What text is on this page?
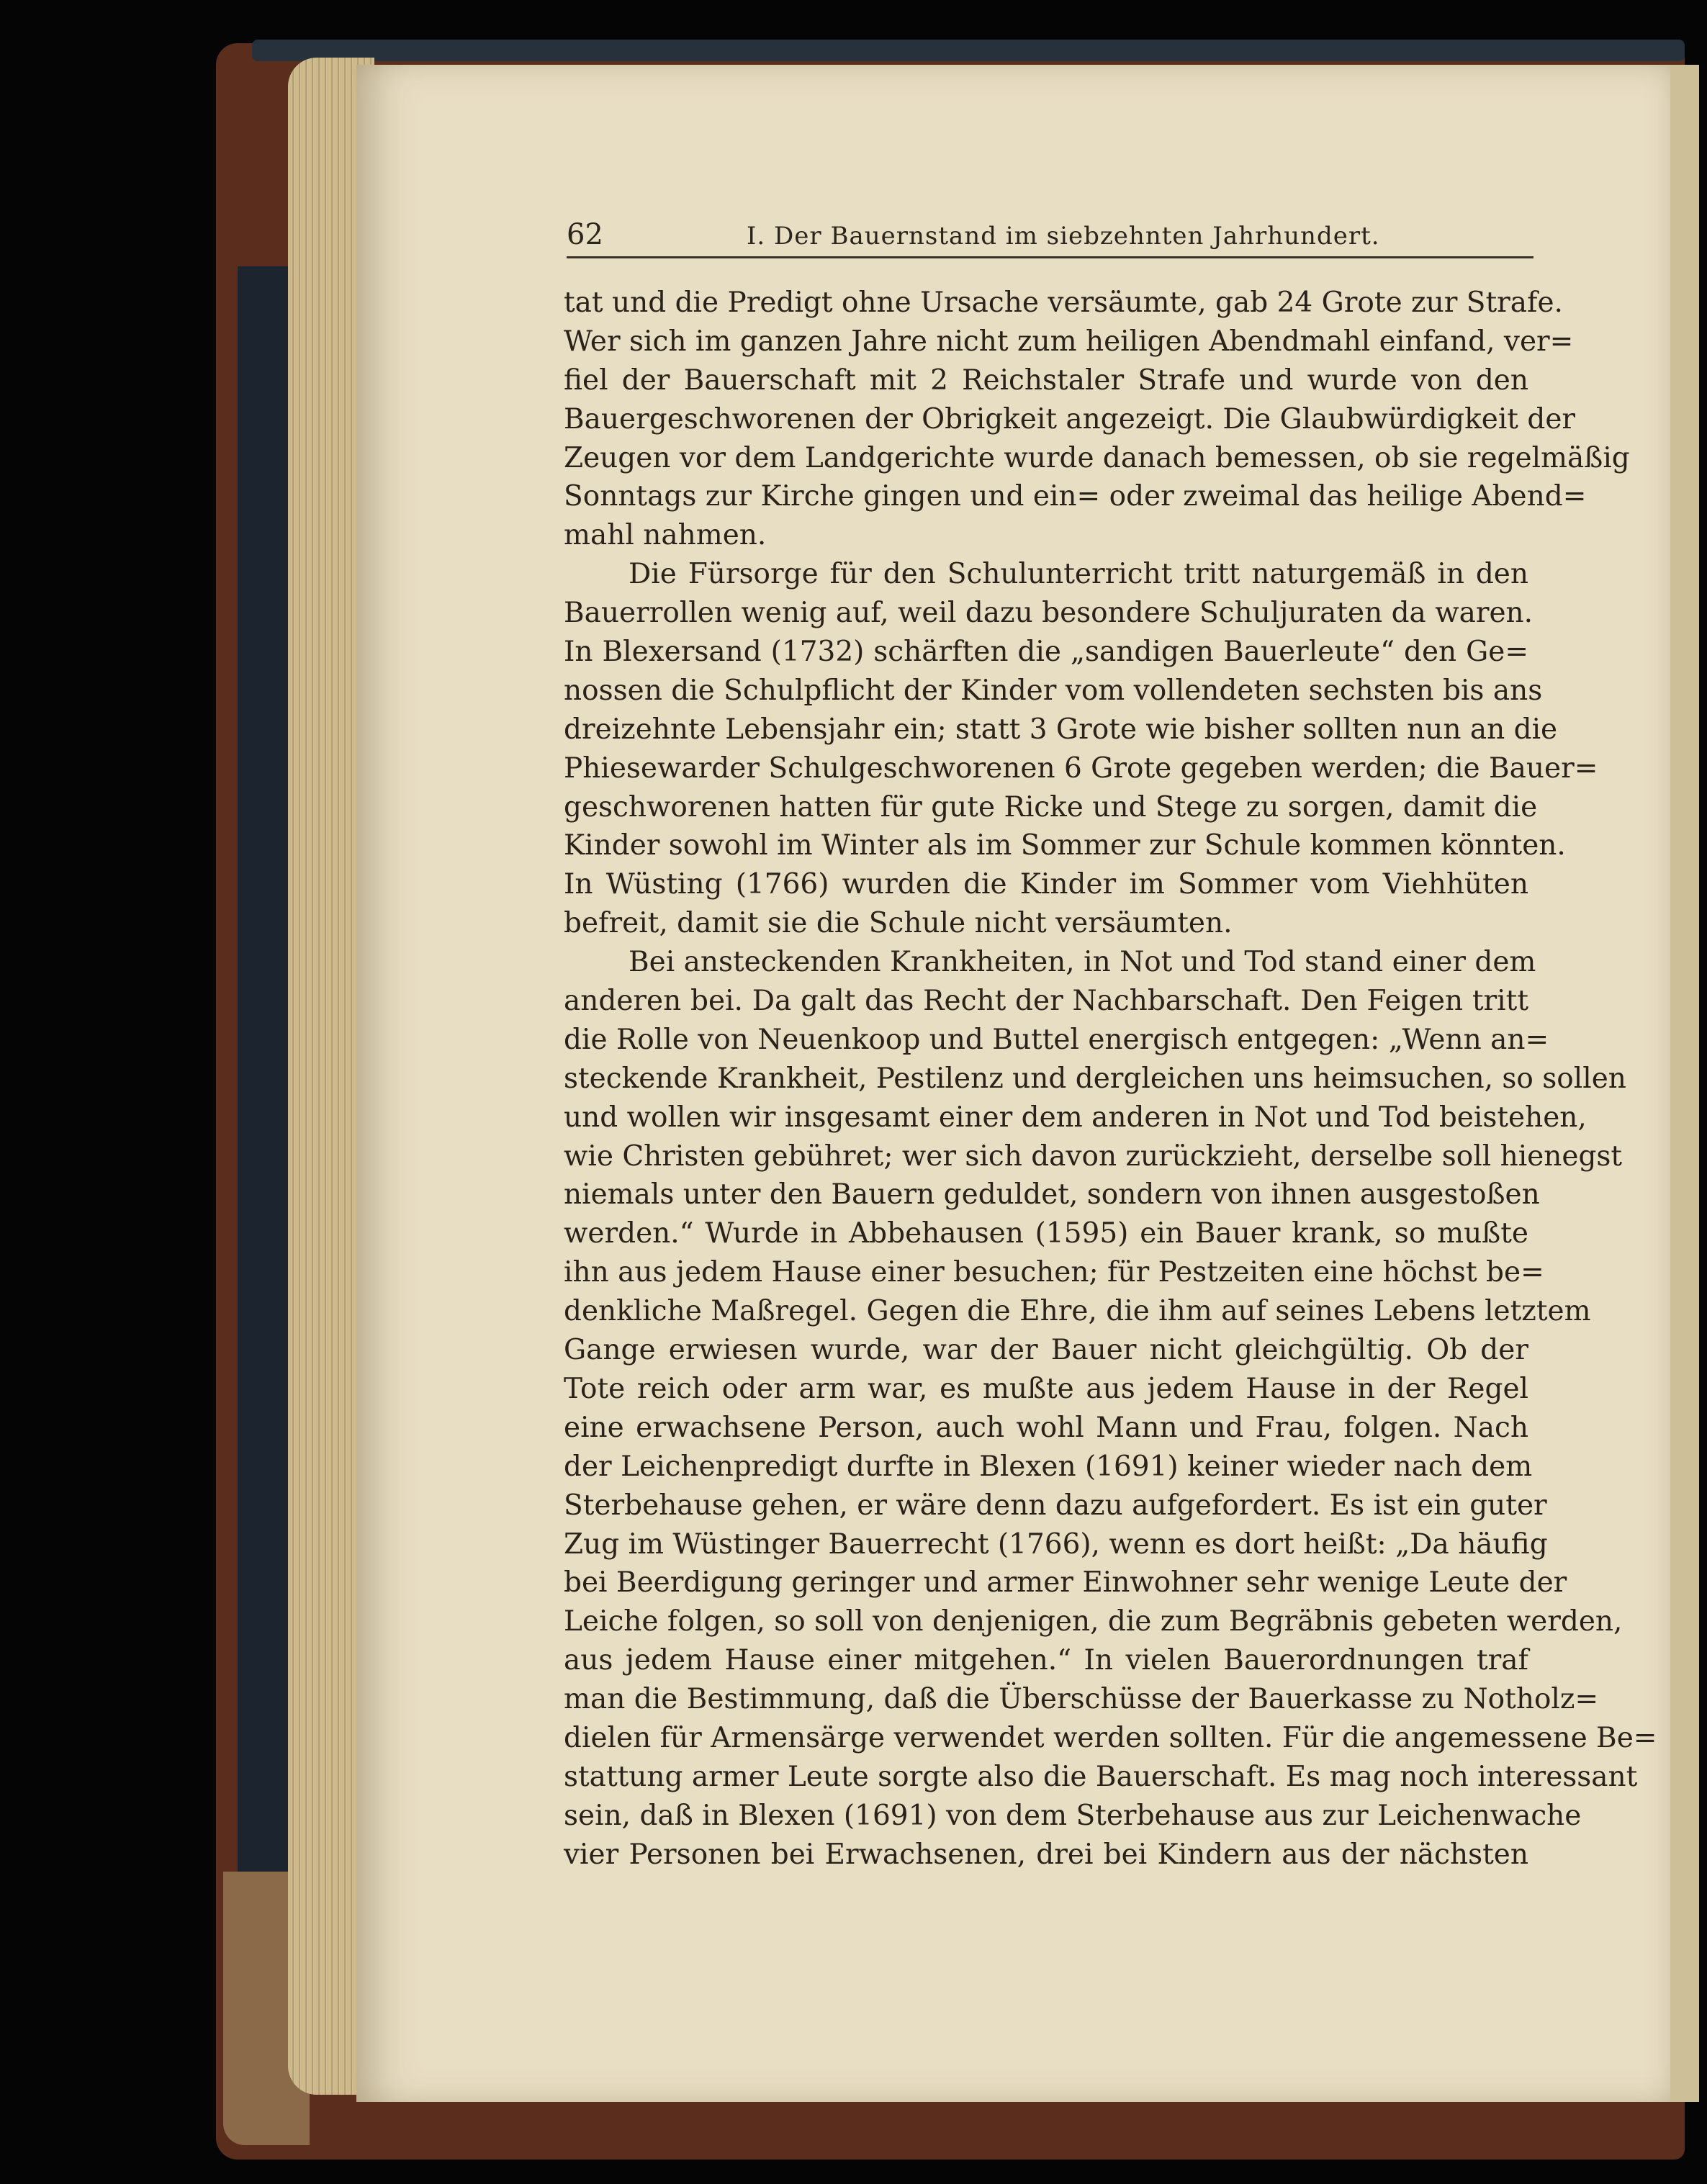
62	I. Der Bauernstand im siebzehnten Jahrhundert.
tat und die Predigt ohne Ursache versäumte, gab 24 Grote zur Strafe.
Wer sich im ganzen Jahre nicht zum heiligen Abendmahl einfand, ver=
fiel der Bauerschaft mit 2 Reichstaler Strafe und wurde von den
Bauergeschworenen der Obrigkeit angezeigt. Die Glaubwürdigkeit der
Zeugen vor dem Landgerichte wurde danach bemessen, ob sie regelmäßig
Sonntags zur Kirche gingen und ein= oder zweimal das heilige Abend=
mahl nahmen.
Die Fürsorge für den Schulunterricht tritt naturgemäß in den
Bauerrollen wenig auf, weil dazu besondere Schuljuraten da waren.
In Blexersand (1732) schärften die „sandigen Bauerleute“ den Ge=
nossen die Schulpflicht der Kinder vom vollendeten sechsten bis ans
dreizehnte Lebensjahr ein; statt 3 Grote wie bisher sollten nun an die
Phiesewarder Schulgeschworenen 6 Grote gegeben werden; die Bauer=
geschworenen hatten für gute Ricke und Stege zu sorgen, damit die
Kinder sowohl im Winter als im Sommer zur Schule kommen könnten.
In Wüsting (1766) wurden die Kinder im Sommer vom Viehhüten
befreit, damit sie die Schule nicht versäumten.
Bei ansteckenden Krankheiten, in Not und Tod stand einer dem
anderen bei. Da galt das Recht der Nachbarschaft. Den Feigen tritt
die Rolle von Neuenkoop und Buttel energisch entgegen: „Wenn an=
steckende Krankheit, Pestilenz und dergleichen uns heimsuchen, so sollen
und wollen wir insgesamt einer dem anderen in Not und Tod beistehen,
wie Christen gebühret; wer sich davon zurückzieht, derselbe soll hienegst
niemals unter den Bauern geduldet, sondern von ihnen ausgestoßen
werden.“ Wurde in Abbehausen (1595) ein Bauer krank, so mußte
ihn aus jedem Hause einer besuchen; für Pestzeiten eine höchst be=
denkliche Maßregel. Gegen die Ehre, die ihm auf seines Lebens letztem
Gange erwiesen wurde, war der Bauer nicht gleichgültig. Ob der
Tote reich oder arm war, es mußte aus jedem Hause in der Regel
eine erwachsene Person, auch wohl Mann und Frau, folgen. Nach
der Leichenpredigt durfte in Blexen (1691) keiner wieder nach dem
Sterbehause gehen, er wäre denn dazu aufgefordert. Es ist ein guter
Zug im Wüstinger Bauerrecht (1766), wenn es dort heißt: „Da häufig
bei Beerdigung geringer und armer Einwohner sehr wenige Leute der
Leiche folgen, so soll von denjenigen, die zum Begräbnis gebeten werden,
aus jedem Hause einer mitgehen.“ In vielen Bauerordnungen traf
man die Bestimmung, daß die Überschüsse der Bauerkasse zu Notholz=
dielen für Armensärge verwendet werden sollten. Für die angemessene Be=
stattung armer Leute sorgte also die Bauerschaft. Es mag noch interessant
sein, daß in Blexen (1691) von dem Sterbehause aus zur Leichenwache
vier Personen bei Erwachsenen, drei bei Kindern aus der nächsten
